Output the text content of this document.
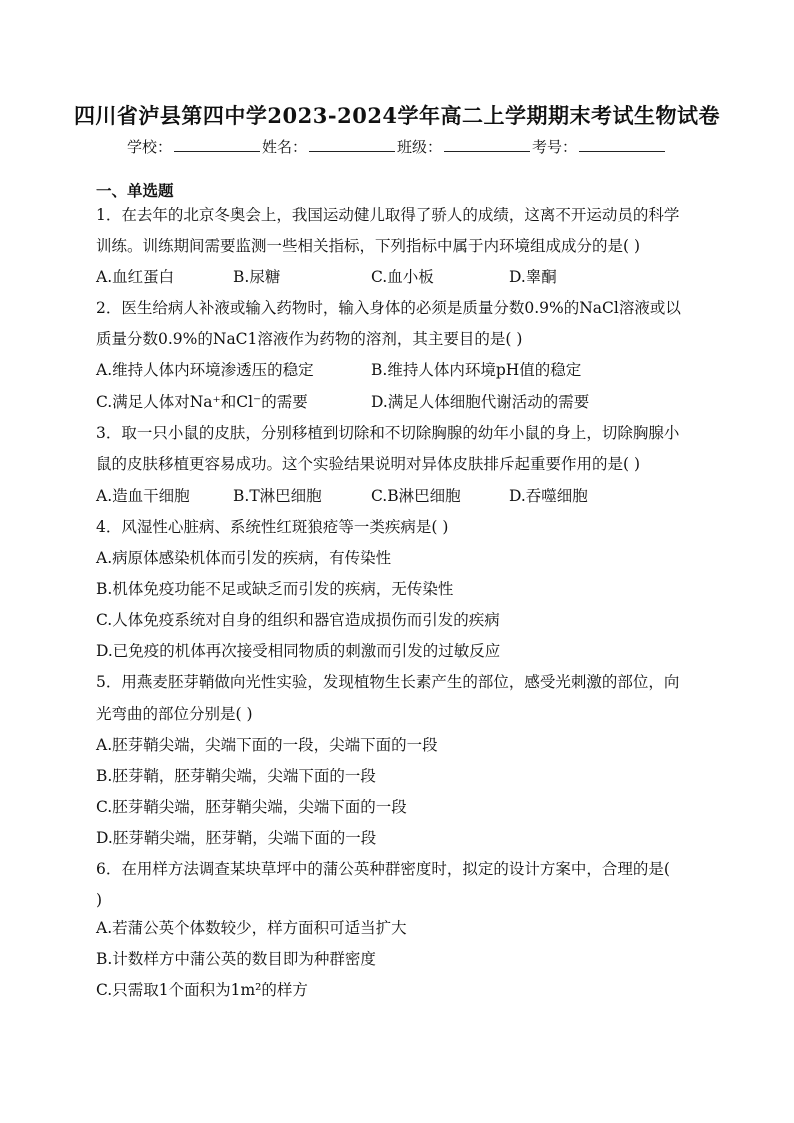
四川省泸县第四中学2023-2024学年高二上学期期末考试生物试卷
学校：	姓名：	班级：	考号：
一、单选题
1．在去年的北京冬奥会上，我国运动健儿取得了骄人的成绩，这离不开运动员的科学
训练。训练期间需要监测一些相关指标，下列指标中属于内环境组成成分的是( )
A.血红蛋白	B.尿糖	C.血小板	D.睾酮
2．医生给病人补液或输入药物时，输入身体的必须是质量分数0.9%的NaCl溶液或以
质量分数0.9%的NaC1溶液作为药物的溶剂，其主要目的是( )
A.维持人体内环境渗透压的稳定	B.维持人体内环境pH值的稳定
C.满足人体对Na⁺和Cl⁻的需要	D.满足人体细胞代谢活动的需要
3．取一只小鼠的皮肤，分别移植到切除和不切除胸腺的幼年小鼠的身上，切除胸腺小
鼠的皮肤移植更容易成功。这个实验结果说明对异体皮肤排斥起重要作用的是( )
A.造血干细胞	B.T淋巴细胞	C.B淋巴细胞	D.吞噬细胞
4．风湿性心脏病、系统性红斑狼疮等一类疾病是( )
A.病原体感染机体而引发的疾病，有传染性
B.机体免疫功能不足或缺乏而引发的疾病，无传染性
C.人体免疫系统对自身的组织和器官造成损伤而引发的疾病
D.已免疫的机体再次接受相同物质的刺激而引发的过敏反应
5．用燕麦胚芽鞘做向光性实验，发现植物生长素产生的部位，感受光刺激的部位，向
光弯曲的部位分别是( )
A.胚芽鞘尖端，尖端下面的一段，尖端下面的一段
B.胚芽鞘，胚芽鞘尖端，尖端下面的一段
C.胚芽鞘尖端，胚芽鞘尖端，尖端下面的一段
D.胚芽鞘尖端，胚芽鞘，尖端下面的一段
6．在用样方法调查某块草坪中的蒲公英种群密度时，拟定的设计方案中，合理的是(
)
A.若蒲公英个体数较少，样方面积可适当扩大
B.计数样方中蒲公英的数目即为种群密度
C.只需取1个面积为1m²的样方
